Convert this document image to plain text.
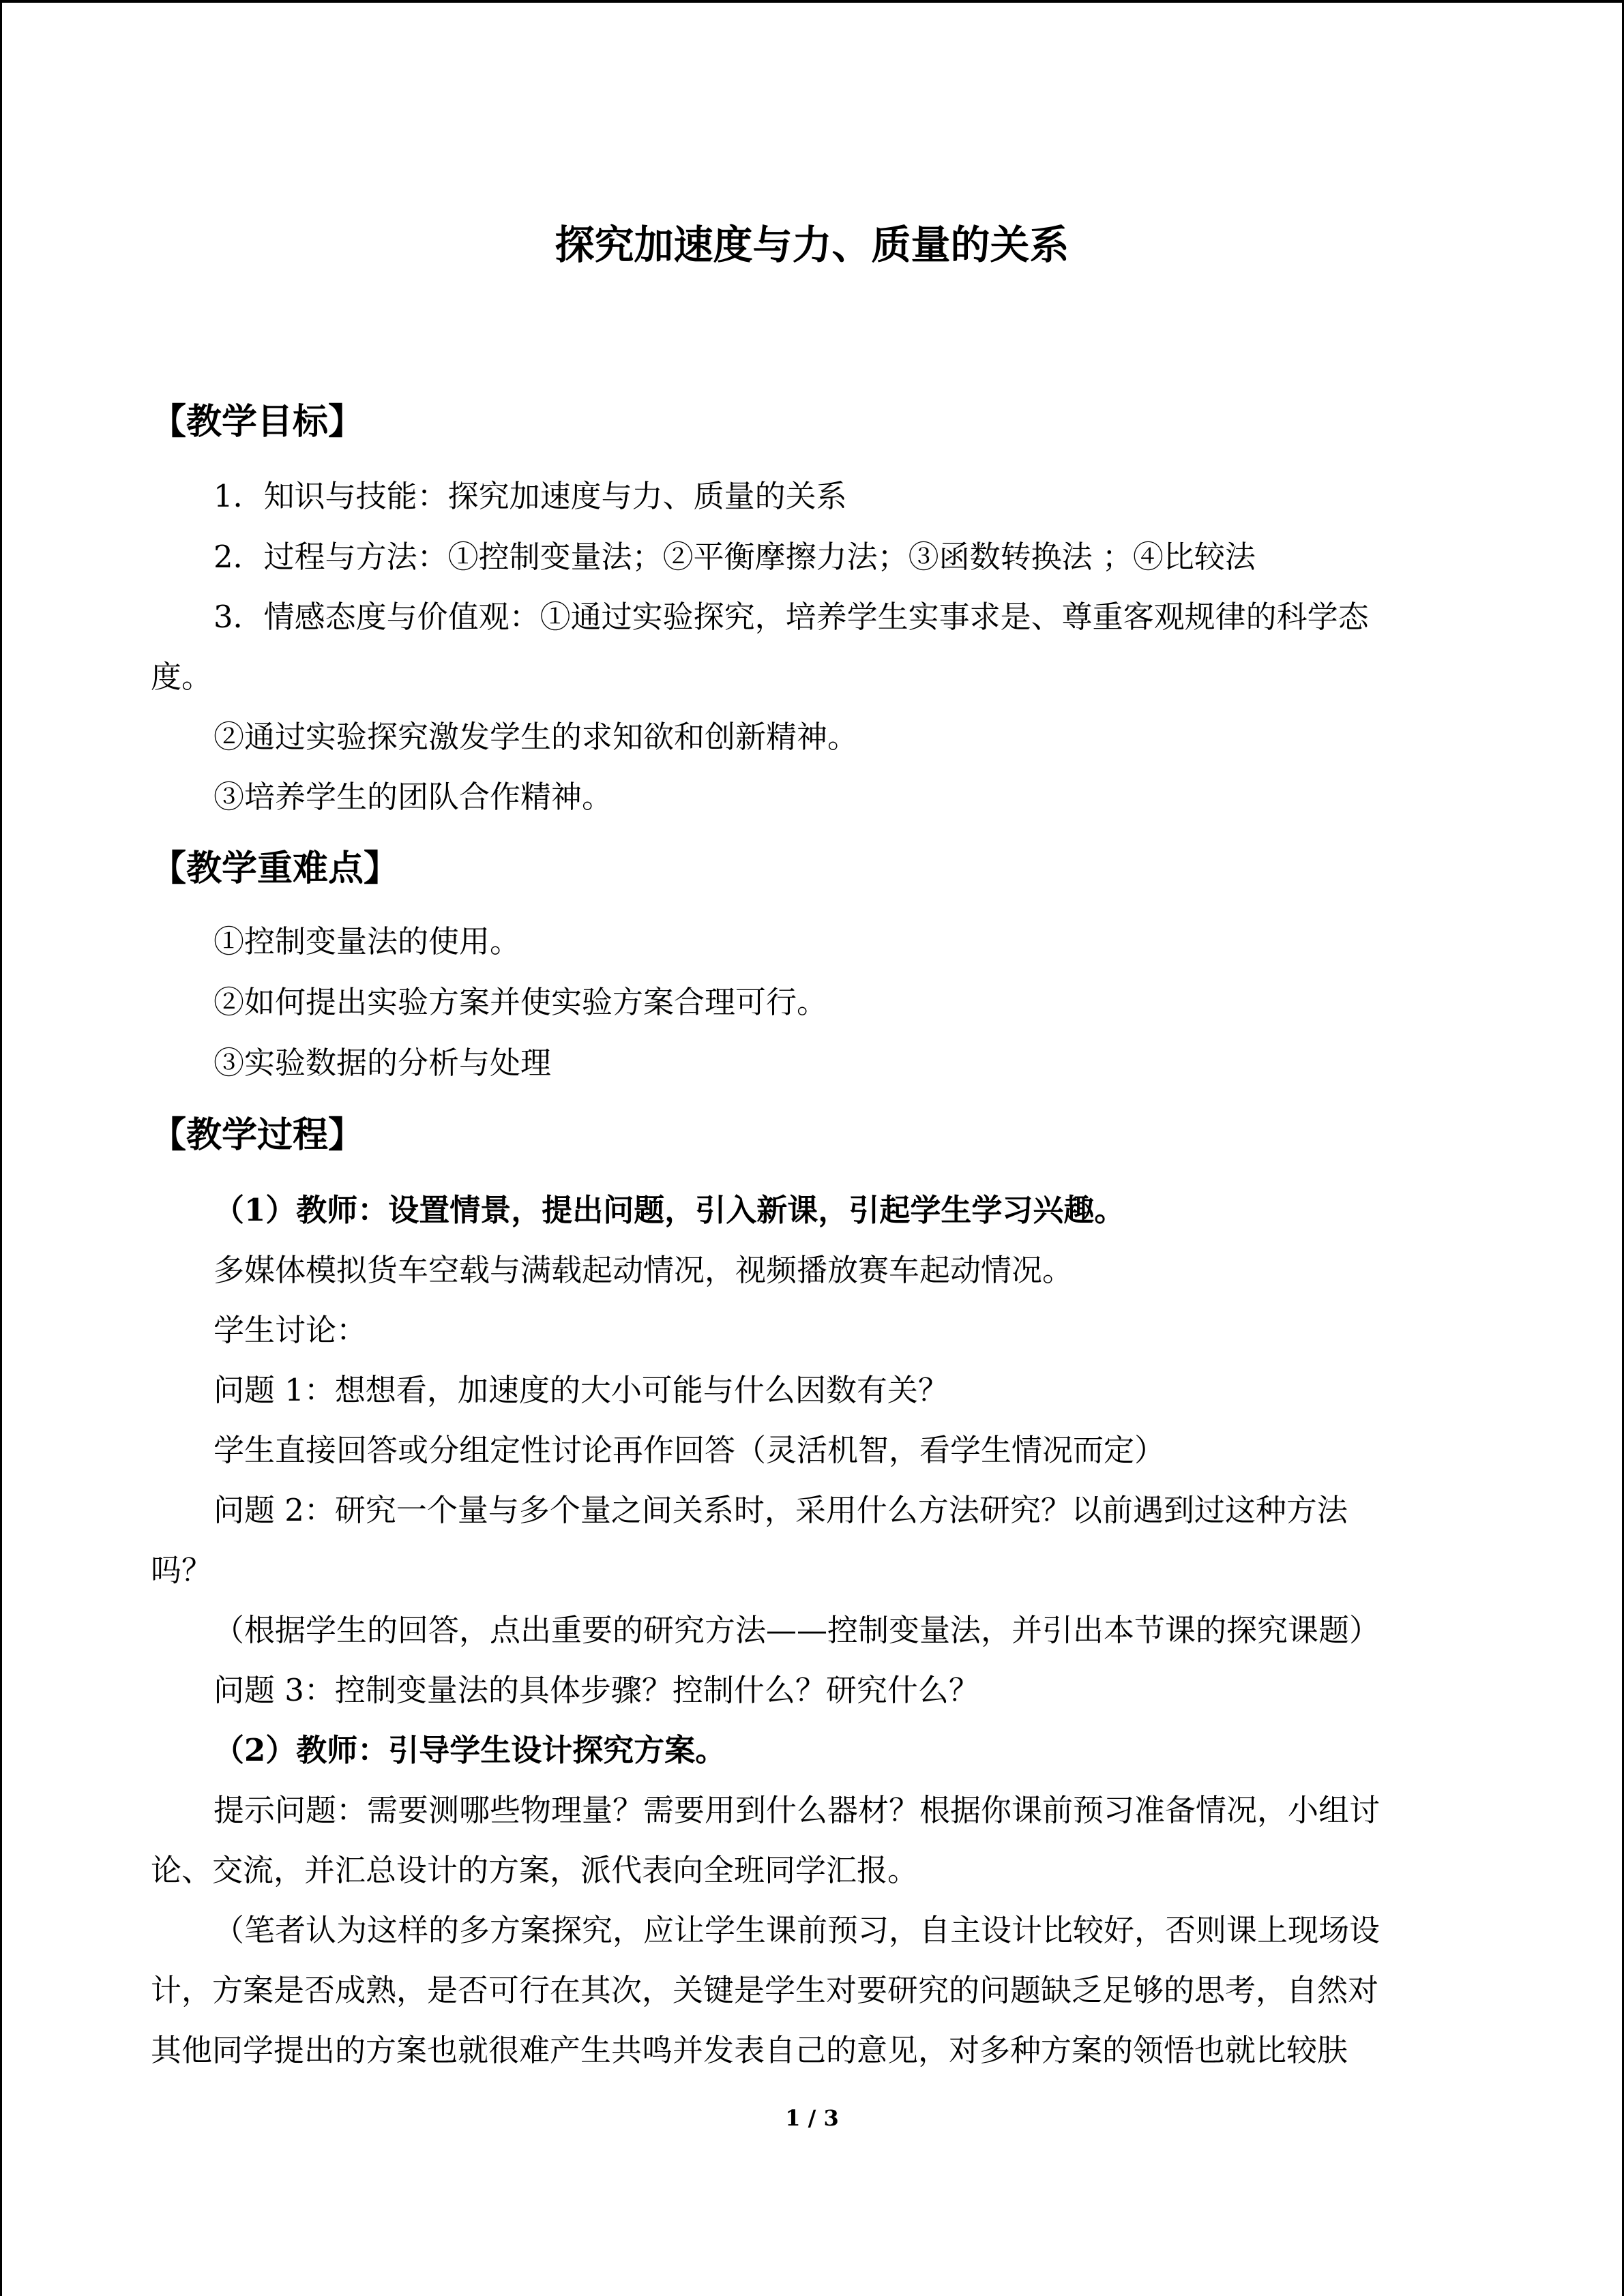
探究加速度与力、质量的关系
【教学目标】
1．知识与技能：探究加速度与力、质量的关系
2．过程与方法：①控制变量法；②平衡摩擦力法；③函数转换法 ；④比较法
3．情感态度与价值观：①通过实验探究，培养学生实事求是、尊重客观规律的科学态
度。
②通过实验探究激发学生的求知欲和创新精神。
③培养学生的团队合作精神。
【教学重难点】
①控制变量法的使用。
②如何提出实验方案并使实验方案合理可行。
③实验数据的分析与处理
【教学过程】
（1）教师：设置情景，提出问题，引入新课，引起学生学习兴趣。
多媒体模拟货车空载与满载起动情况，视频播放赛车起动情况。
学生讨论：
问题 1：想想看，加速度的大小可能与什么因数有关？
学生直接回答或分组定性讨论再作回答（灵活机智，看学生情况而定）
问题 2：研究一个量与多个量之间关系时，采用什么方法研究？以前遇到过这种方法
吗？
（根据学生的回答，点出重要的研究方法——控制变量法，并引出本节课的探究课题）
问题 3：控制变量法的具体步骤？控制什么？研究什么？
（2）教师：引导学生设计探究方案。
提示问题：需要测哪些物理量？需要用到什么器材？根据你课前预习准备情况，小组讨
论、交流，并汇总设计的方案，派代表向全班同学汇报。
（笔者认为这样的多方案探究，应让学生课前预习，自主设计比较好，否则课上现场设
计，方案是否成熟，是否可行在其次，关键是学生对要研究的问题缺乏足够的思考，自然对
其他同学提出的方案也就很难产生共鸣并发表自己的意见，对多种方案的领悟也就比较肤
1 / 3
